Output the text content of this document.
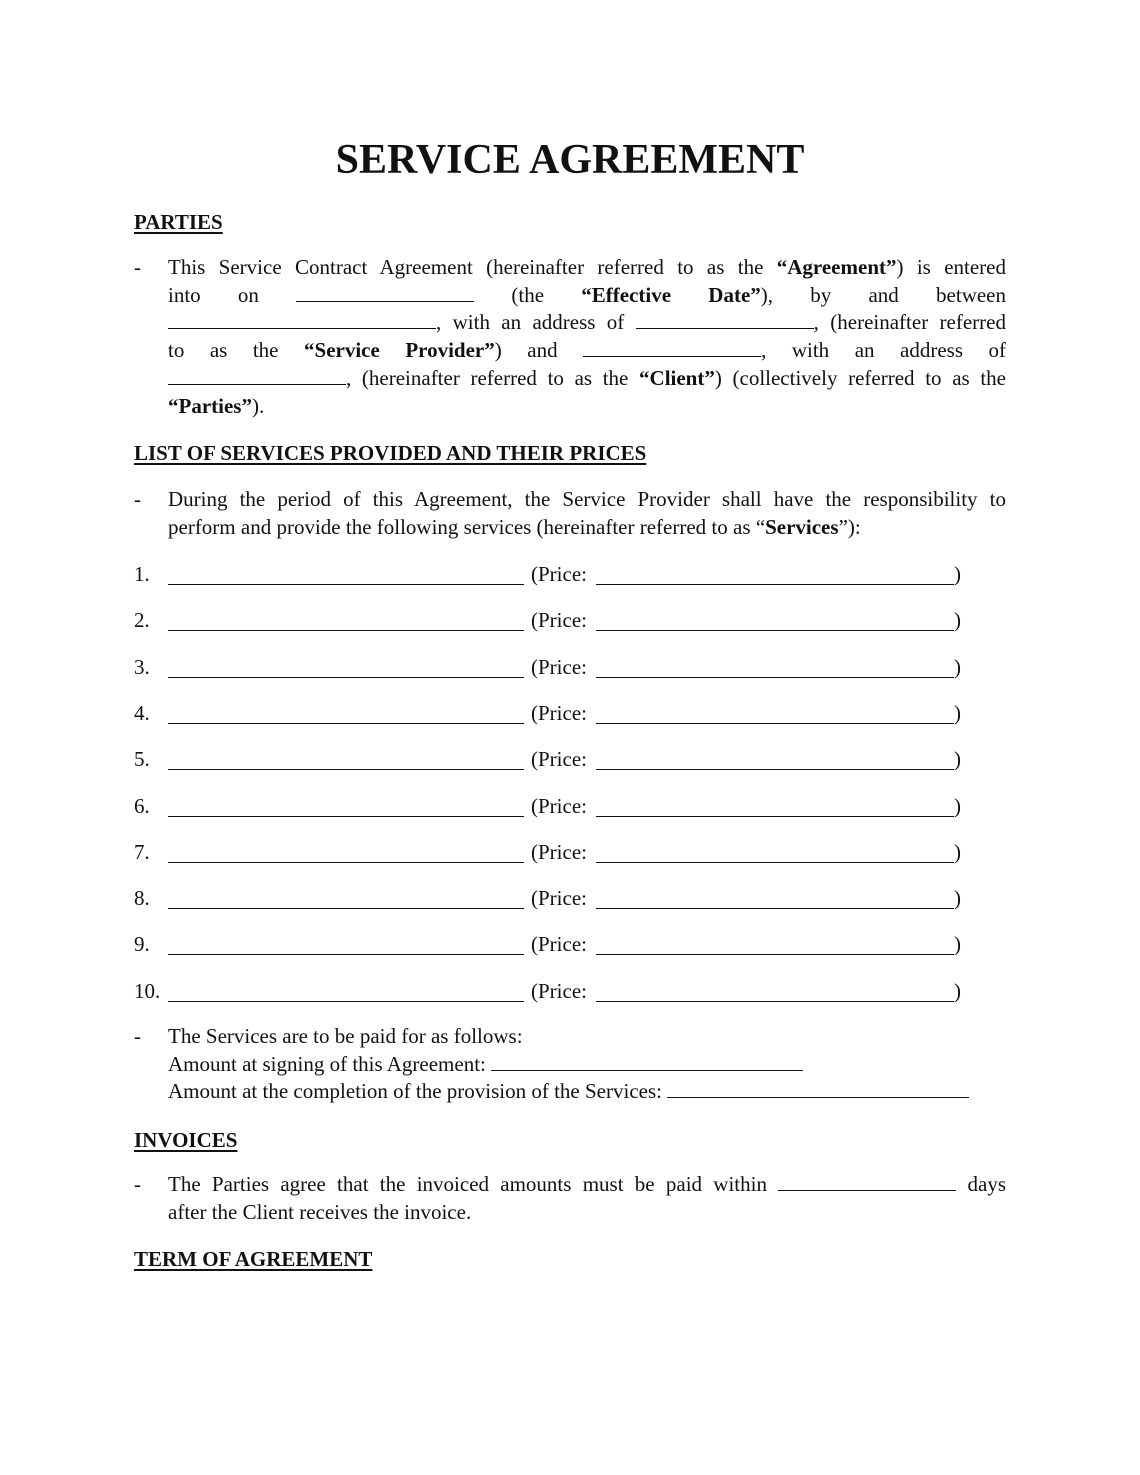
SERVICE AGREEMENT
PARTIES
- This Service Contract Agreement (hereinafter referred to as the “Agreement”) is entered
into on	(the “Effective Date”), by and between
, with an address of	, (hereinafter referred
to as the “Service Provider”) and	, with an address of
, (hereinafter referred to as the “Client”) (collectively referred to as the
“Parties”).
LIST OF SERVICES PROVIDED AND THEIR PRICES
- During the period of this Agreement, the Service Provider shall have the responsibility to
perform and provide the following services (hereinafter referred to as “Services”):
1.	(Price:	)
2.	(Price:	)
3.	(Price:	)
4.	(Price:	)
5.	(Price:	)
6.	(Price:	)
7.	(Price:	)
8.	(Price:	)
9.	(Price:	)
10.	(Price:	)
- The Services are to be paid for as follows:
Amount at signing of this Agreement:
Amount at the completion of the provision of the Services:
INVOICES
- The Parties agree that the invoiced amounts must be paid within	days
after the Client receives the invoice.
TERM OF AGREEMENT
